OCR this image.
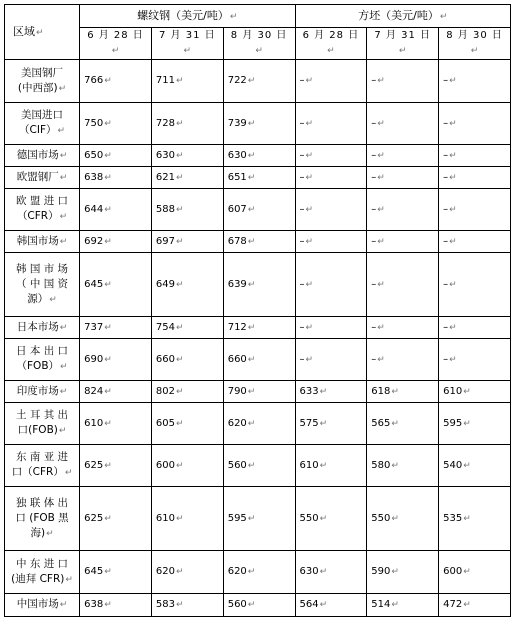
区域↵	螺纹钢（美元/吨）↵			方坯（美元/吨）↵		
	6 月 28 日↵	7 月 31 日↵	8 月 30 日↵	6 月 28 日↵	7 月 31 日↵	8 月 30 日↵

美国钢厂
(中西部)↵	766↵	711↵	722↵	–↵	–↵	–↵

美国进口
（CIF）↵	750↵	728↵	739↵	–↵	–↵	–↵

德国市场↵	650↵	630↵	630↵	–↵	–↵	–↵

欧盟钢厂↵	638↵	621↵	651↵	–↵	–↵	–↵

欧 盟 进 口
（CFR）↵	644↵	588↵	607↵	–↵	–↵	–↵

韩国市场↵	692↵	697↵	678↵	–↵	–↵	–↵

韩 国 市 场
（ 中 国 资
源）↵	645↵	649↵	639↵	–↵	–↵	–↵

日本市场↵	737↵	754↵	712↵	–↵	–↵	–↵

日 本 出 口
（FOB）↵	690↵	660↵	660↵	–↵	–↵	–↵

印度市场↵	824↵	802↵	790↵	633↵	618↵	610↵

土 耳 其 出
口(FOB)↵	610↵	605↵	620↵	575↵	565↵	595↵

东 南 亚 进
口（CFR）↵	625↵	600↵	560↵	610↵	580↵	540↵

独 联 体 出
口 (FOB 黑
海)↵	625↵	610↵	595↵	550↵	550↵	535↵

中 东 进 口
(迪拜 CFR)↵	645↵	620↵	620↵	630↵	590↵	600↵

中国市场↵	638↵	583↵	560↵	564↵	514↵	472↵
